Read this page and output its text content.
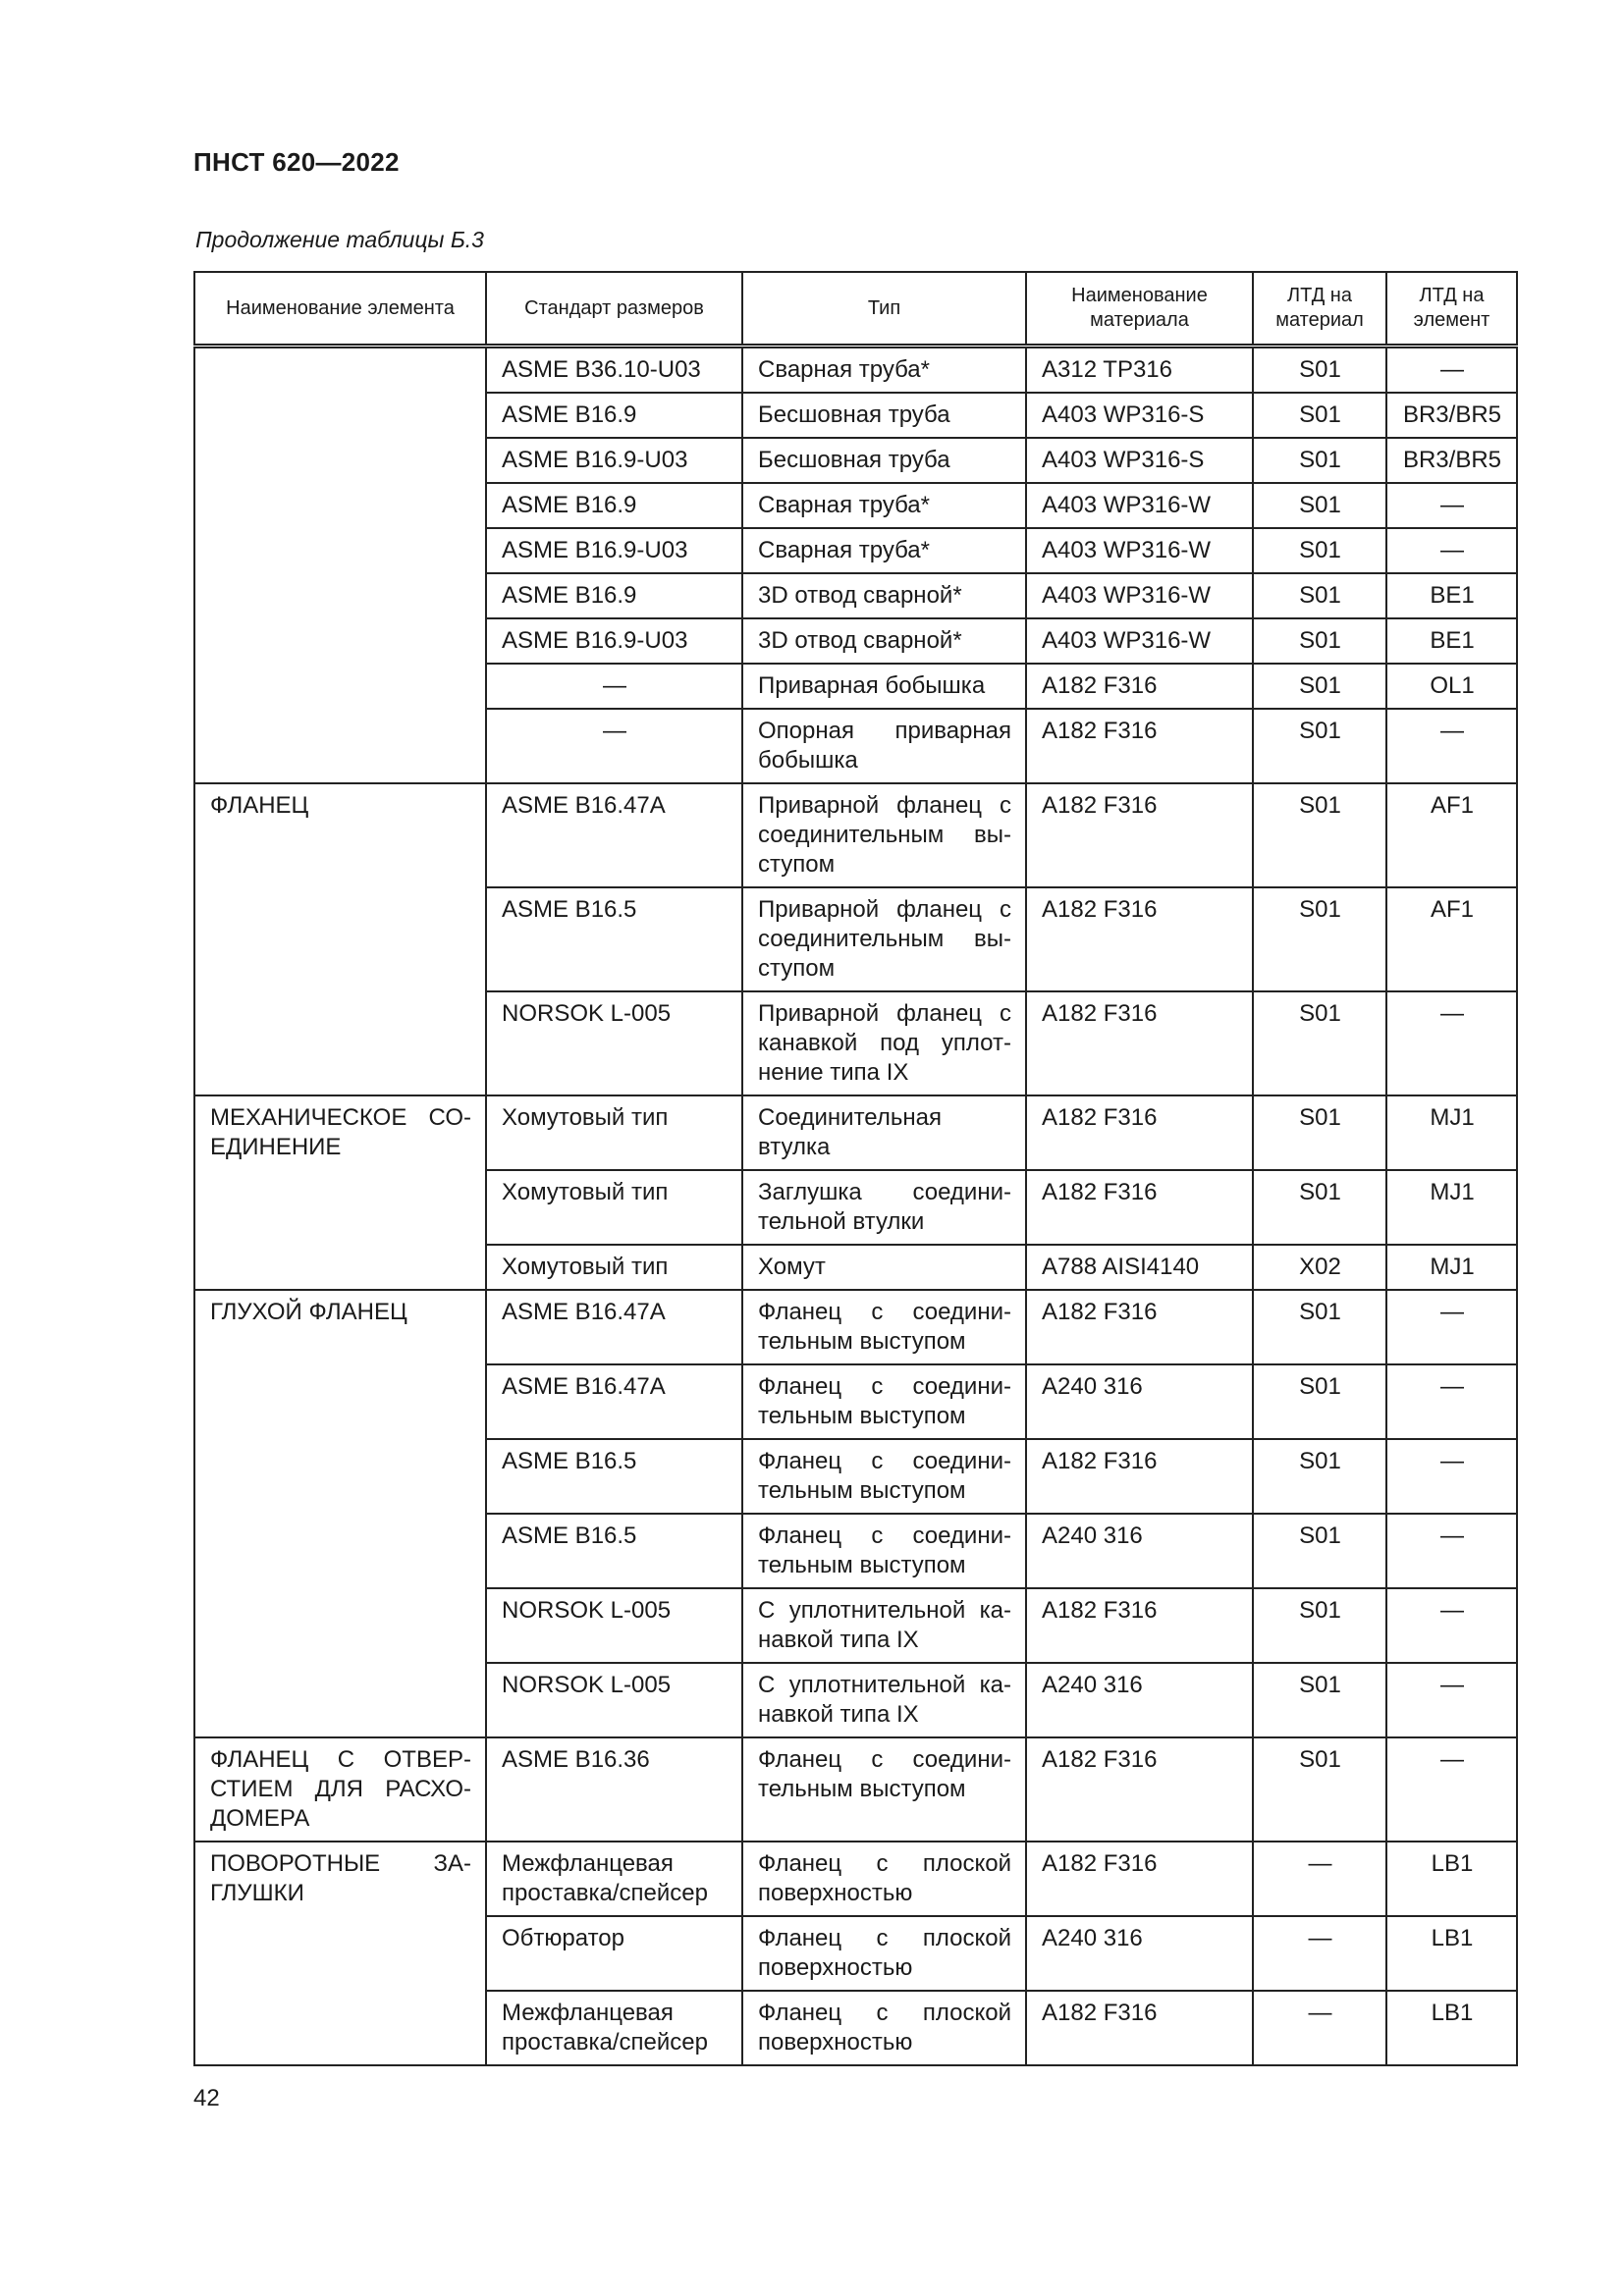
ПНСТ 620—2022
Продолжение таблицы Б.3
Наименование элемента	Стандарт размеров	Тип	Наименование материала	ЛТД на материал	ЛТД на элемент
	ASME B36.10-U03	Сварная труба*	A312 TP316	S01	—
	ASME B16.9	Бесшовная труба	A403 WP316-S	S01	BR3/BR5
	ASME B16.9-U03	Бесшовная труба	A403 WP316-S	S01	BR3/BR5
	ASME B16.9	Сварная труба*	A403 WP316-W	S01	—
	ASME B16.9-U03	Сварная труба*	A403 WP316-W	S01	—
	ASME B16.9	3D отвод сварной*	A403 WP316-W	S01	BE1
	ASME B16.9-U03	3D отвод сварной*	A403 WP316-W	S01	BE1
	—	Приварная бобышка	A182 F316	S01	OL1
	—	Опорная приварная бобышка	A182 F316	S01	—
ФЛАНЕЦ	ASME B16.47A	Приварной фланец с соединительным выступом	A182 F316	S01	AF1
	ASME B16.5	Приварной фланец с соединительным выступом	A182 F316	S01	AF1
	NORSOK L-005	Приварной фланец с канавкой под уплотнение типа IX	A182 F316	S01	—
МЕХАНИЧЕСКОЕ СОЕДИНЕНИЕ	Хомутовый тип	Соединительная втулка	A182 F316	S01	MJ1
	Хомутовый тип	Заглушка соединительной втулки	A182 F316	S01	MJ1
	Хомутовый тип	Хомут	A788 AISI4140	X02	MJ1
ГЛУХОЙ ФЛАНЕЦ	ASME B16.47A	Фланец с соединительным выступом	A182 F316	S01	—
	ASME B16.47A	Фланец с соединительным выступом	A240 316	S01	—
	ASME B16.5	Фланец с соединительным выступом	A182 F316	S01	—
	ASME B16.5	Фланец с соединительным выступом	A240 316	S01	—
	NORSOK L-005	С уплотнительной канавкой типа IX	A182 F316	S01	—
	NORSOK L-005	С уплотнительной канавкой типа IX	A240 316	S01	—
ФЛАНЕЦ С ОТВЕРСТИЕМ ДЛЯ РАСХОДОМЕРА	ASME B16.36	Фланец с соединительным выступом	A182 F316	S01	—
ПОВОРОТНЫЕ ЗАГЛУШКИ	Межфланцевая проставка/спейсер	Фланец с плоской поверхностью	A182 F316	—	LB1
	Обтюратор	Фланец с плоской поверхностью	A240 316	—	LB1
	Межфланцевая проставка/спейсер	Фланец с плоской поверхностью	A182 F316	—	LB1
42
